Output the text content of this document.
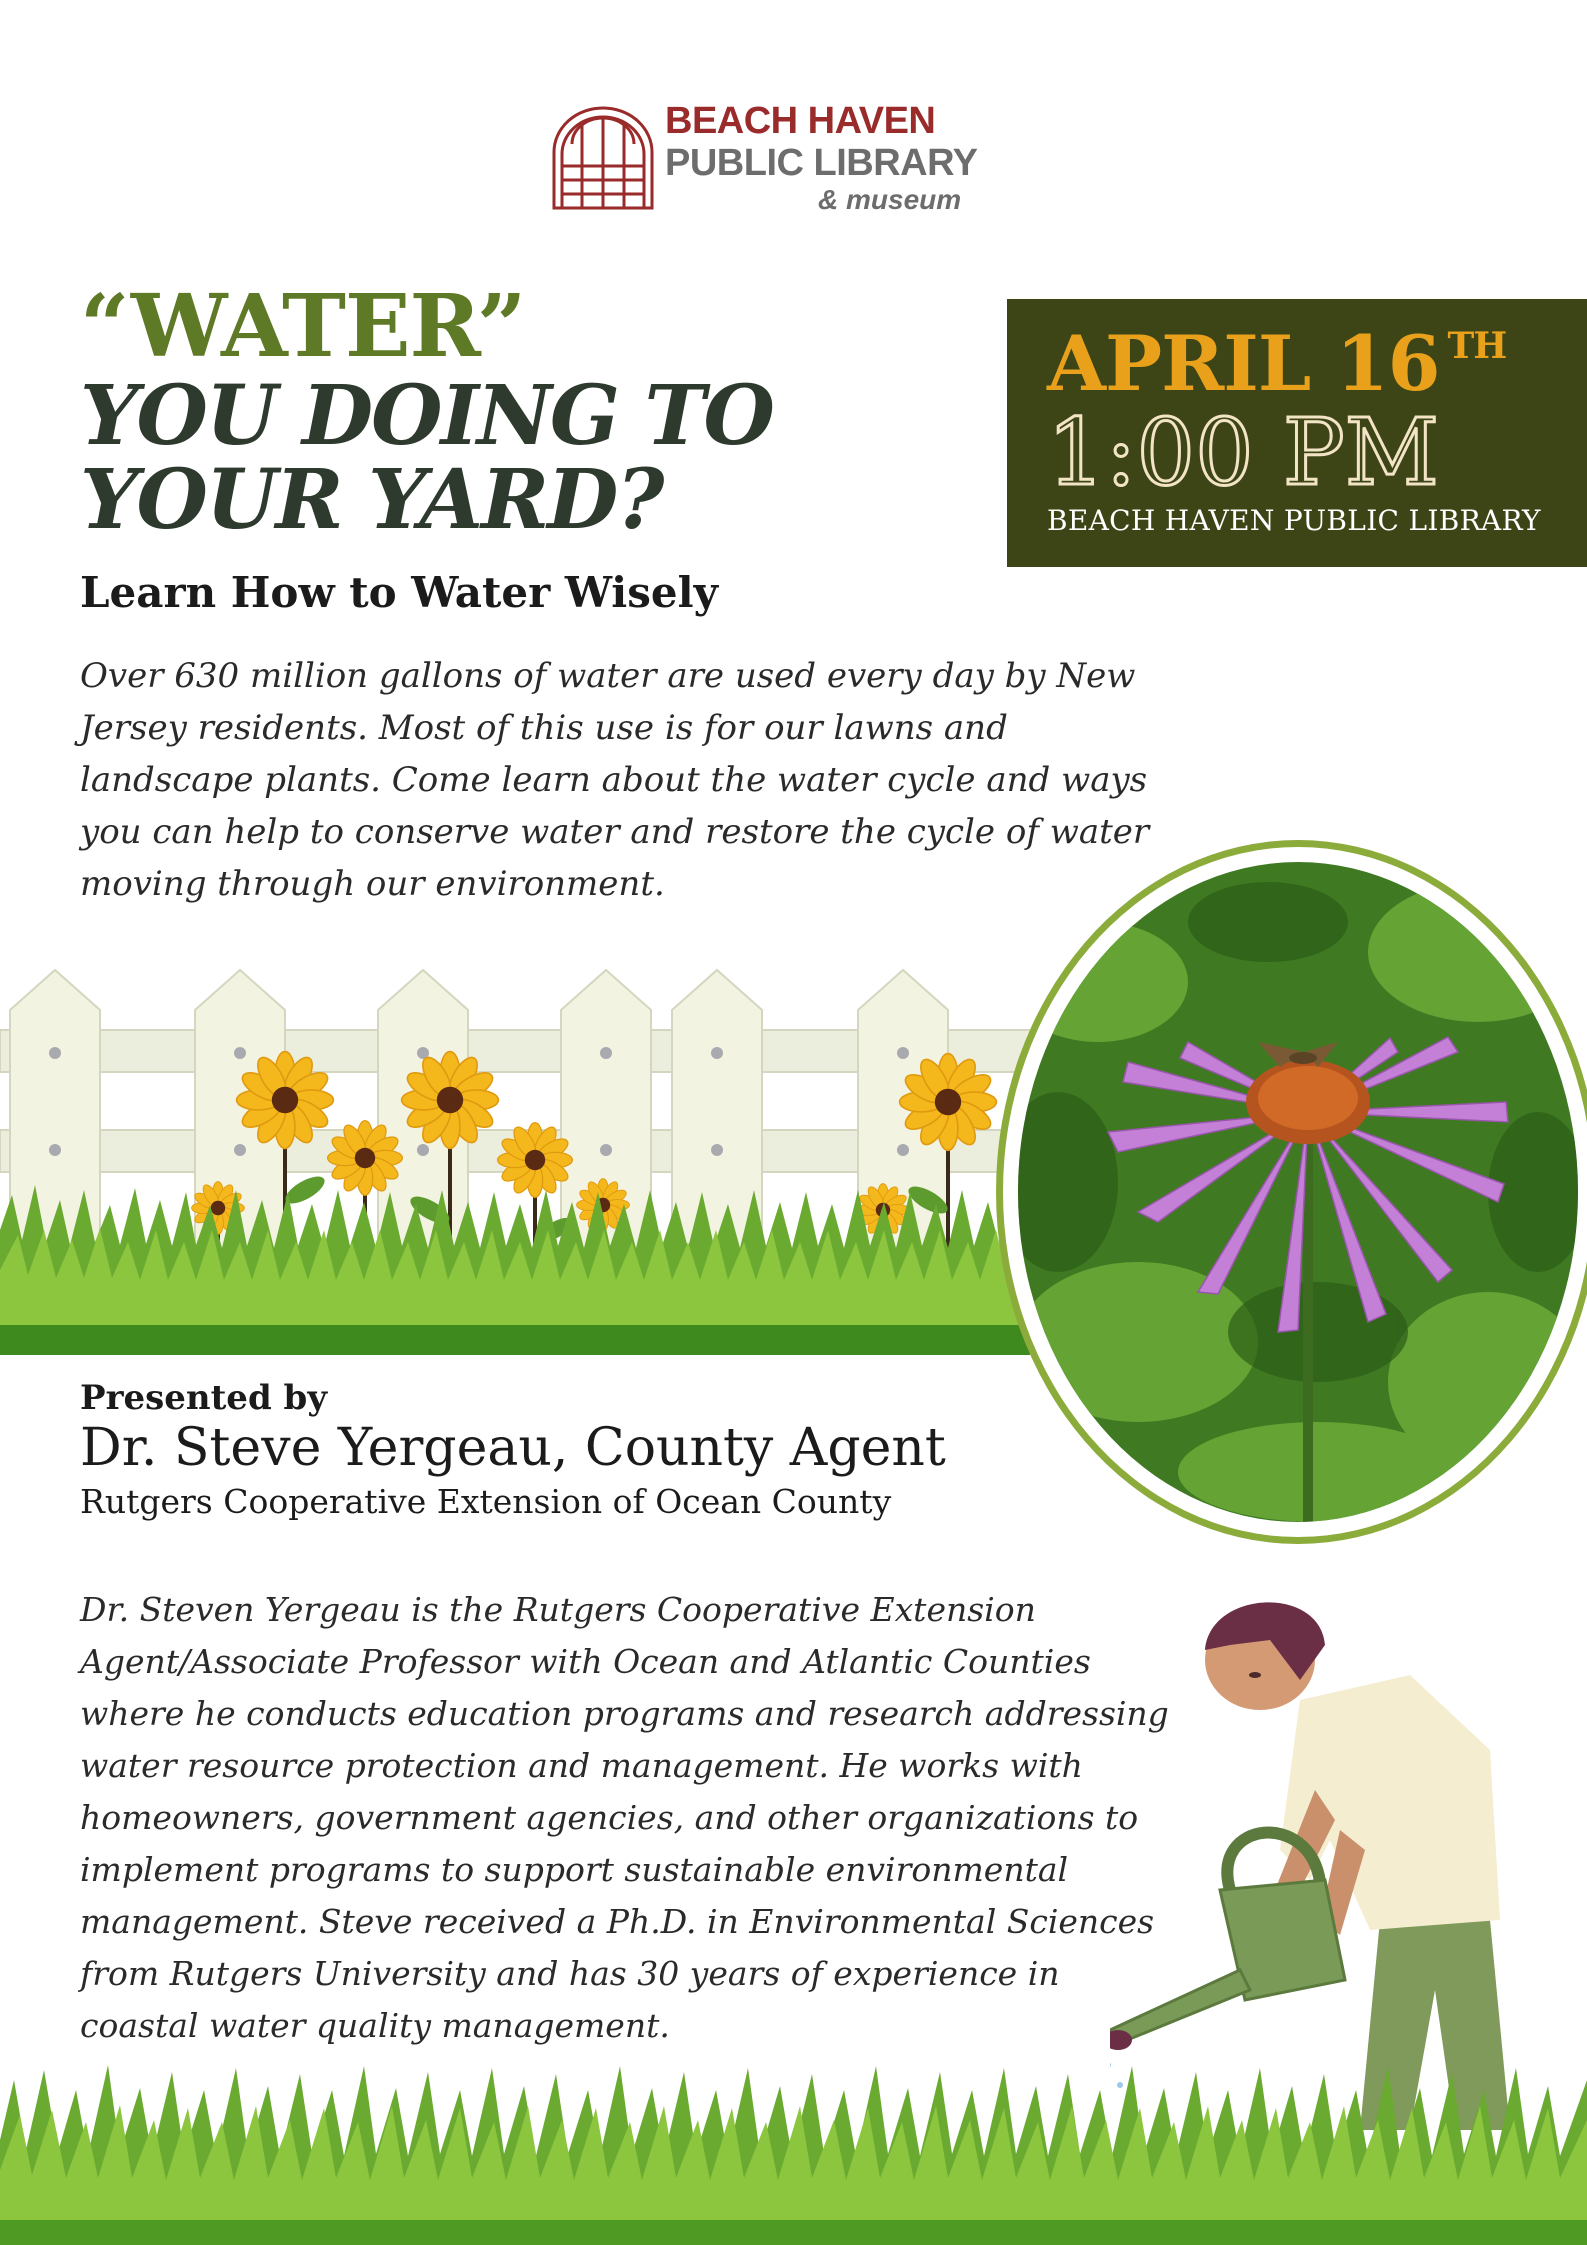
BEACH HAVEN
PUBLIC LIBRARY
& museum
“WATER”
YOU DOING TO
YOUR YARD?
Learn How to Water Wisely
APRIL 16 $^{TH}$
1:00 PM
BEACH HAVEN PUBLIC LIBRARY
Over 630 million gallons of water are used every day by New
Jersey residents. Most of this use is for our lawns and
landscape plants. Come learn about the water cycle and ways
you can help to conserve water and restore the cycle of water
moving through our environment.
Presented by
Dr. Steve Yergeau, County Agent
Rutgers Cooperative Extension of Ocean County
Dr. Steven Yergeau is the Rutgers Cooperative Extension
Agent/Associate Professor with Ocean and Atlantic Counties
where he conducts education programs and research addressing
water resource protection and management. He works with
homeowners, government agencies, and other organizations to
implement programs to support sustainable environmental
management. Steve received a Ph.D. in Environmental Sciences
from Rutgers University and has 30 years of experience in
coastal water quality management.
